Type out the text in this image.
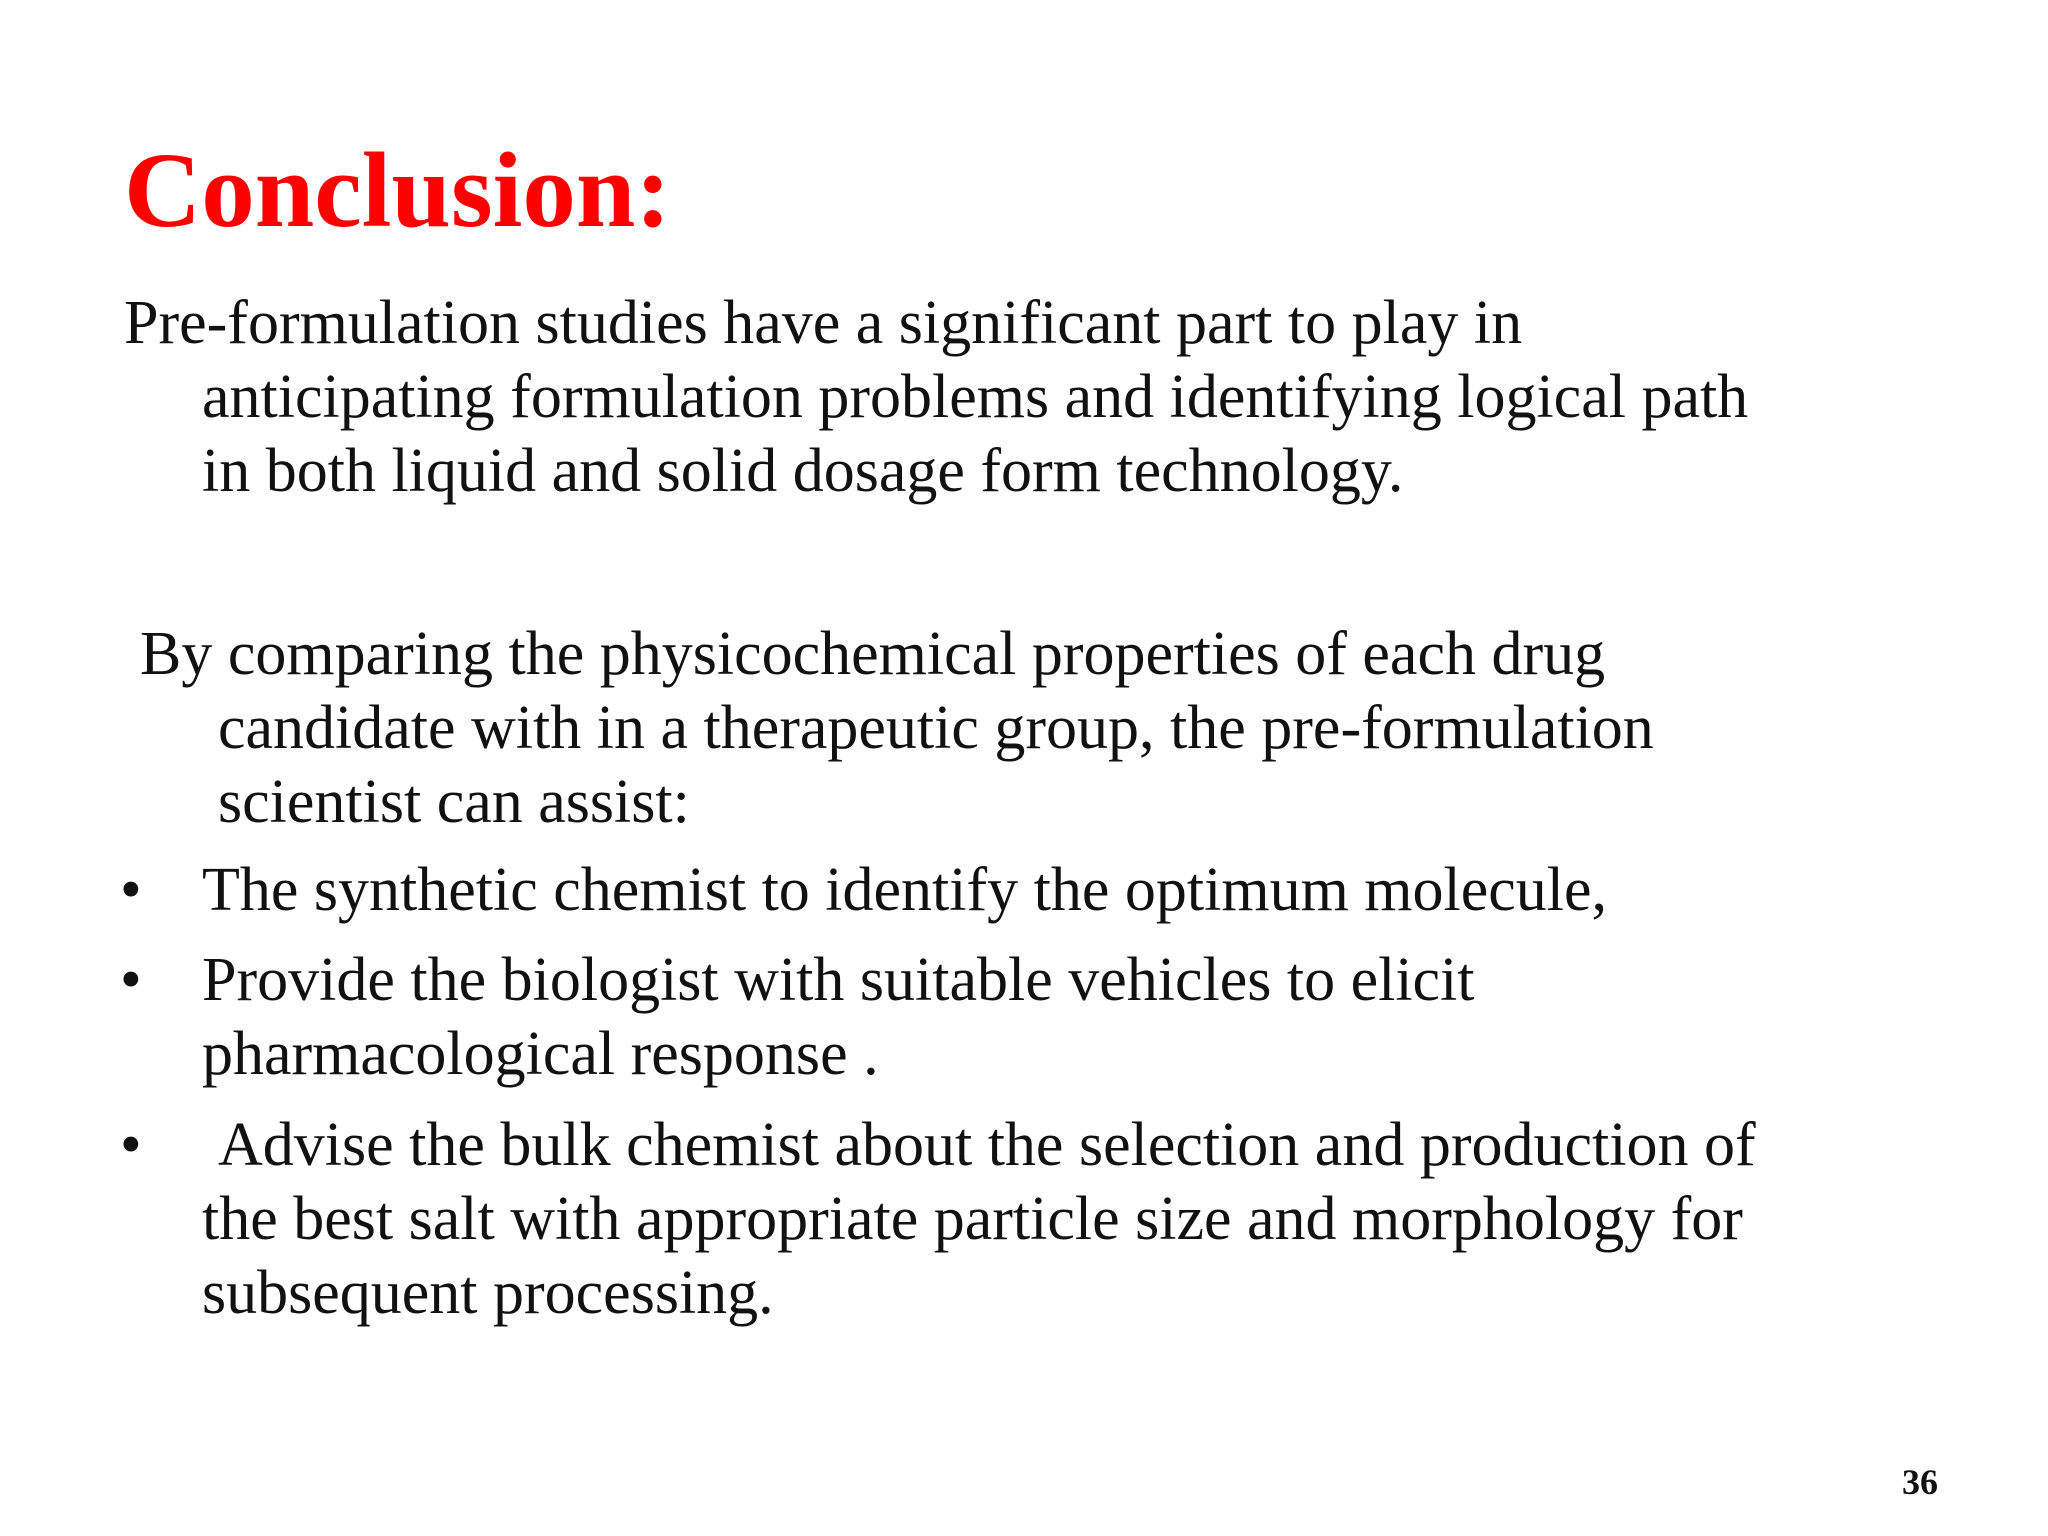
Conclusion:

Pre-formulation studies have a significant part to play in
anticipating formulation problems and identifying logical path
in both liquid and solid dosage form technology.

By comparing the physicochemical properties of each drug
candidate with in a therapeutic group, the pre-formulation
scientist can assist:

• The synthetic chemist to identify the optimum molecule,
• Provide the biologist with suitable vehicles to elicit
pharmacological response .
• Advise the bulk chemist about the selection and production of
the best salt with appropriate particle size and morphology for
subsequent processing.
36
